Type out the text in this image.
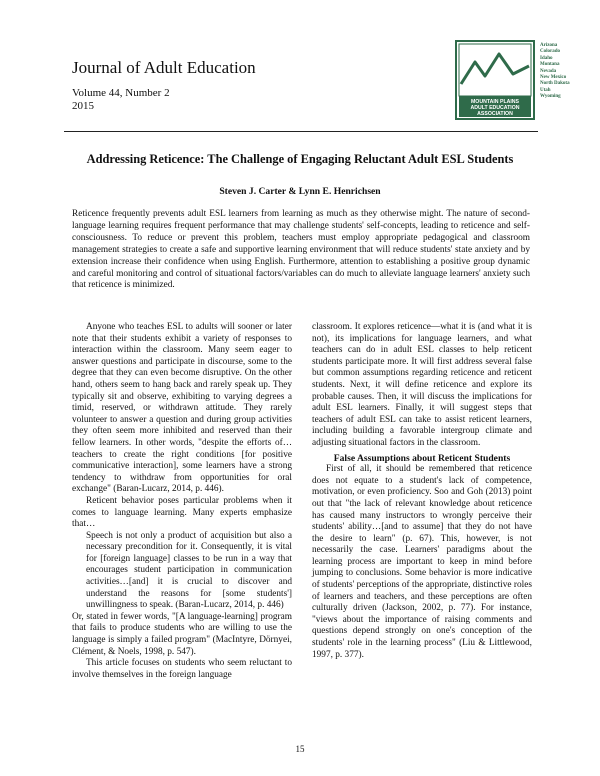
Journal of Adult Education
Volume 44, Number 2
2015	MOUNTAIN PLAINS
ADULT EDUCATION
ASSOCIATION
Arizona
Colorado
Idaho
Montana
Nevada
New Mexico
North Dakota
Utah
Wyoming
Addressing Reticence: The Challenge of Engaging Reluctant Adult ESL Students
Steven J. Carter & Lynn E. Henrichsen
Reticence frequently prevents adult ESL learners from learning as much as they otherwise might. The nature of second-language learning requires frequent performance that may challenge students' self-concepts, leading to reticence and self-consciousness. To reduce or prevent this problem, teachers must employ appropriate pedagogical and classroom management strategies to create a safe and supportive learning environment that will reduce students' state anxiety and by extension increase their confidence when using English. Furthermore, attention to establishing a positive group dynamic and careful monitoring and control of situational factors/variables can do much to alleviate language learners' anxiety such that reticence is minimized.

Anyone who teaches ESL to adults will sooner or later note that their students exhibit a variety of responses to interaction within the classroom. Many seem eager to answer questions and participate in discourse, some to the degree that they can even become disruptive. On the other hand, others seem to hang back and rarely speak up. They typically sit and observe, exhibiting to varying degrees a timid, reserved, or withdrawn attitude. They rarely volunteer to answer a question and during group activities they often seem more inhibited and reserved than their fellow learners. In other words, "despite the efforts of…teachers to create the right conditions [for positive communicative interaction], some learners have a strong tendency to withdraw from opportunities for oral exchange" (Baran-Lucarz, 2014, p. 446).

Reticent behavior poses particular problems when it comes to language learning. Many experts emphasize that…

Speech is not only a product of acquisition but also a necessary precondition for it. Consequently, it is vital for [foreign language] classes to be run in a way that encourages student participation in communication activities…[and] it is crucial to discover and understand the reasons for [some students'] unwillingness to speak. (Baran-Lucarz, 2014, p. 446)

Or, stated in fewer words, "[A language-learning] program that fails to produce students who are willing to use the language is simply a failed program" (MacIntyre, Dörnyei, Clément, & Noels, 1998, p. 547).

This article focuses on students who seem reluctant to involve themselves in the foreign language

classroom. It explores reticence—what it is (and what it is not), its implications for language learners, and what teachers can do in adult ESL classes to help reticent students participate more. It will first address several false but common assumptions regarding reticence and reticent students. Next, it will define reticence and explore its probable causes. Then, it will discuss the implications for adult ESL learners. Finally, it will suggest steps that teachers of adult ESL can take to assist reticent learners, including building a favorable intergroup climate and adjusting situational factors in the classroom.

False Assumptions about Reticent Students

First of all, it should be remembered that reticence does not equate to a student's lack of competence, motivation, or even proficiency. Soo and Goh (2013) point out that "the lack of relevant knowledge about reticence has caused many instructors to wrongly perceive their students' ability…[and to assume] that they do not have the desire to learn" (p. 67). This, however, is not necessarily the case. Learners' paradigms about the learning process are important to keep in mind before jumping to conclusions. Some behavior is more indicative of students' perceptions of the appropriate, distinctive roles of learners and teachers, and these perceptions are often culturally driven (Jackson, 2002, p. 77). For instance, "views about the importance of raising comments and questions depend strongly on one's conception of the students' role in the learning process" (Liu & Littlewood, 1997, p. 377).

15
